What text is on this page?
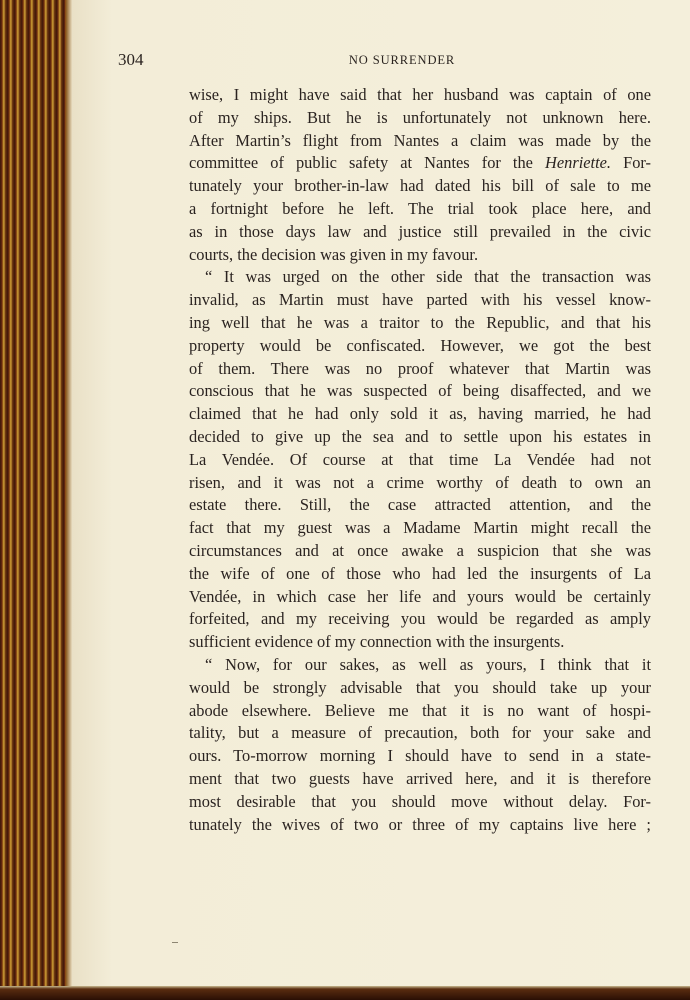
304	NO SURRENDER
wise, I might have said that her husband was captain of one
of my ships. But he is unfortunately not unknown here.
After Martin’s flight from Nantes a claim was made by the
committee of public safety at Nantes for the Henriette. For-
tunately your brother-in-law had dated his bill of sale to me
a fortnight before he left. The trial took place here, and
as in those days law and justice still prevailed in the civic
courts, the decision was given in my favour.
“ It was urged on the other side that the transaction was
invalid, as Martin must have parted with his vessel know-
ing well that he was a traitor to the Republic, and that his
property would be confiscated. However, we got the best
of them. There was no proof whatever that Martin was
conscious that he was suspected of being disaffected, and we
claimed that he had only sold it as, having married, he had
decided to give up the sea and to settle upon his estates in
La Vendée. Of course at that time La Vendée had not
risen, and it was not a crime worthy of death to own an
estate there. Still, the case attracted attention, and the
fact that my guest was a Madame Martin might recall the
circumstances and at once awake a suspicion that she was
the wife of one of those who had led the insurgents of La
Vendée, in which case her life and yours would be certainly
forfeited, and my receiving you would be regarded as amply
sufficient evidence of my connection with the insurgents.
“ Now, for our sakes, as well as yours, I think that it
would be strongly advisable that you should take up your
abode elsewhere. Believe me that it is no want of hospi-
tality, but a measure of precaution, both for your sake and
ours. To-morrow morning I should have to send in a state-
ment that two guests have arrived here, and it is therefore
most desirable that you should move without delay. For-
tunately the wives of two or three of my captains live here ;
